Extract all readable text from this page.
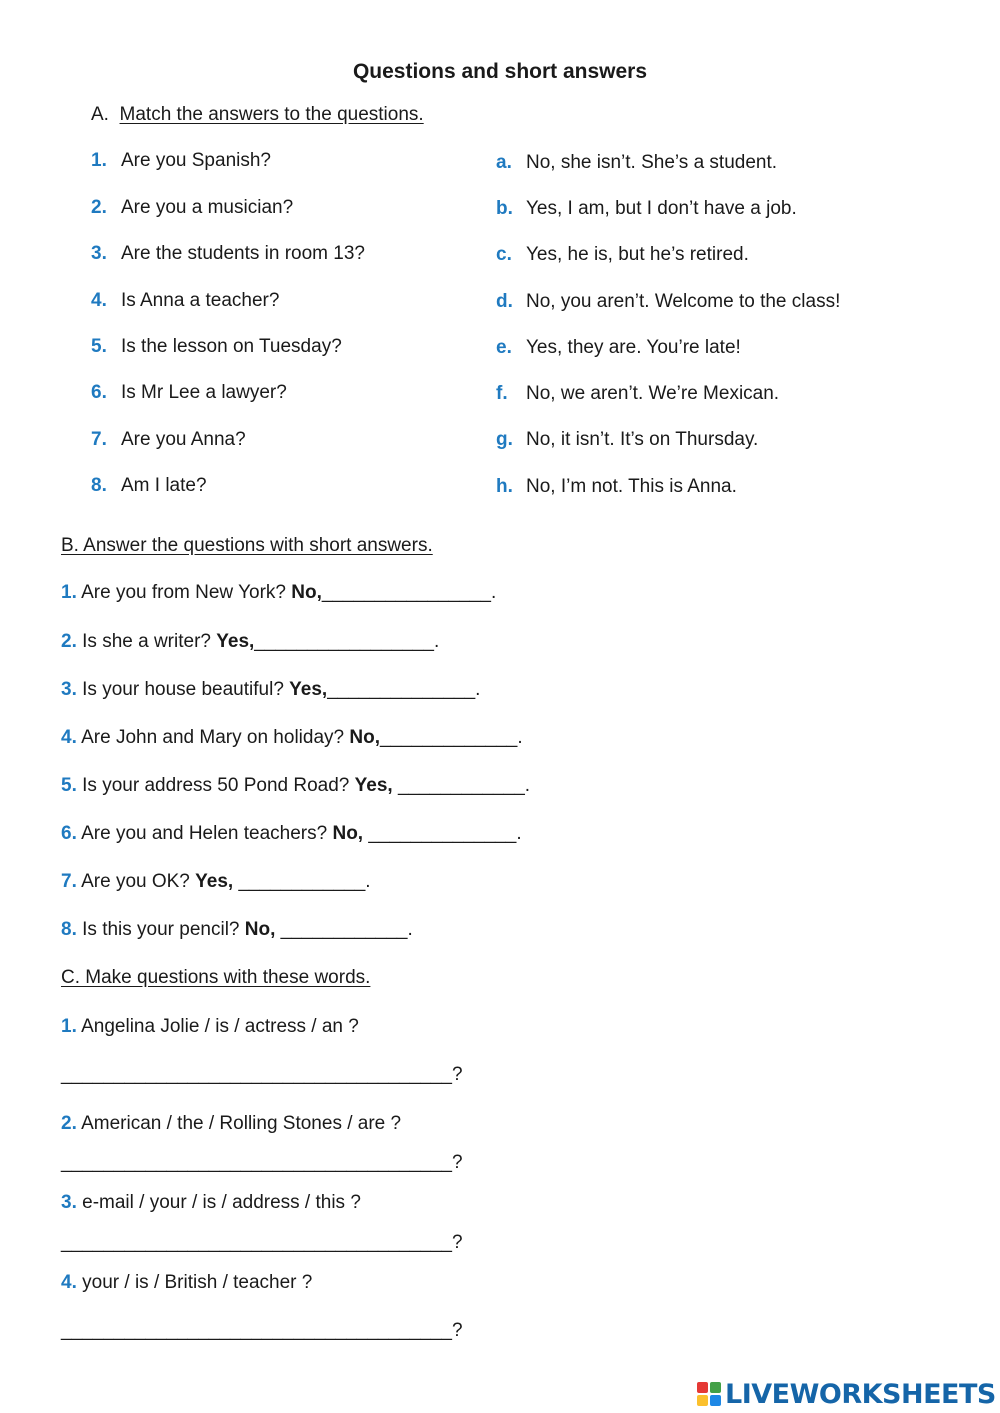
Questions and short answers
A. Match the answers to the questions.
1. Are you Spanish?
2. Are you a musician?
3. Are the students in room 13?
4. Is Anna a teacher?
5. Is the lesson on Tuesday?
6. Is Mr Lee a lawyer?
7. Are you Anna?
8. Am I late?
a. No, she isn’t. She’s a student.
b. Yes, I am, but I don’t have a job.
c. Yes, he is, but he’s retired.
d. No, you aren’t. Welcome to the class!
e. Yes, they are. You’re late!
f. No, we aren’t. We’re Mexican.
g. No, it isn’t. It’s on Thursday.
h. No, I’m not. This is Anna.
B. Answer the questions with short answers.
1. Are you from New York? No,________________.
2. Is she a writer? Yes,_________________.
3. Is your house beautiful? Yes,______________.
4. Are John and Mary on holiday? No,_____________.
5. Is your address 50 Pond Road? Yes, ____________.
6. Are you and Helen teachers? No, ______________.
7. Are you OK? Yes, ____________.
8. Is this your pencil? No, ____________.
C. Make questions with these words.
1. Angelina Jolie / is / actress / an ?
_____________________________________?
2. American / the / Rolling Stones / are ?
_____________________________________?
3. e-mail / your / is / address / this ?
_____________________________________?
4. your / is / British / teacher ?
_____________________________________?
LIVEWORKSHEETS
